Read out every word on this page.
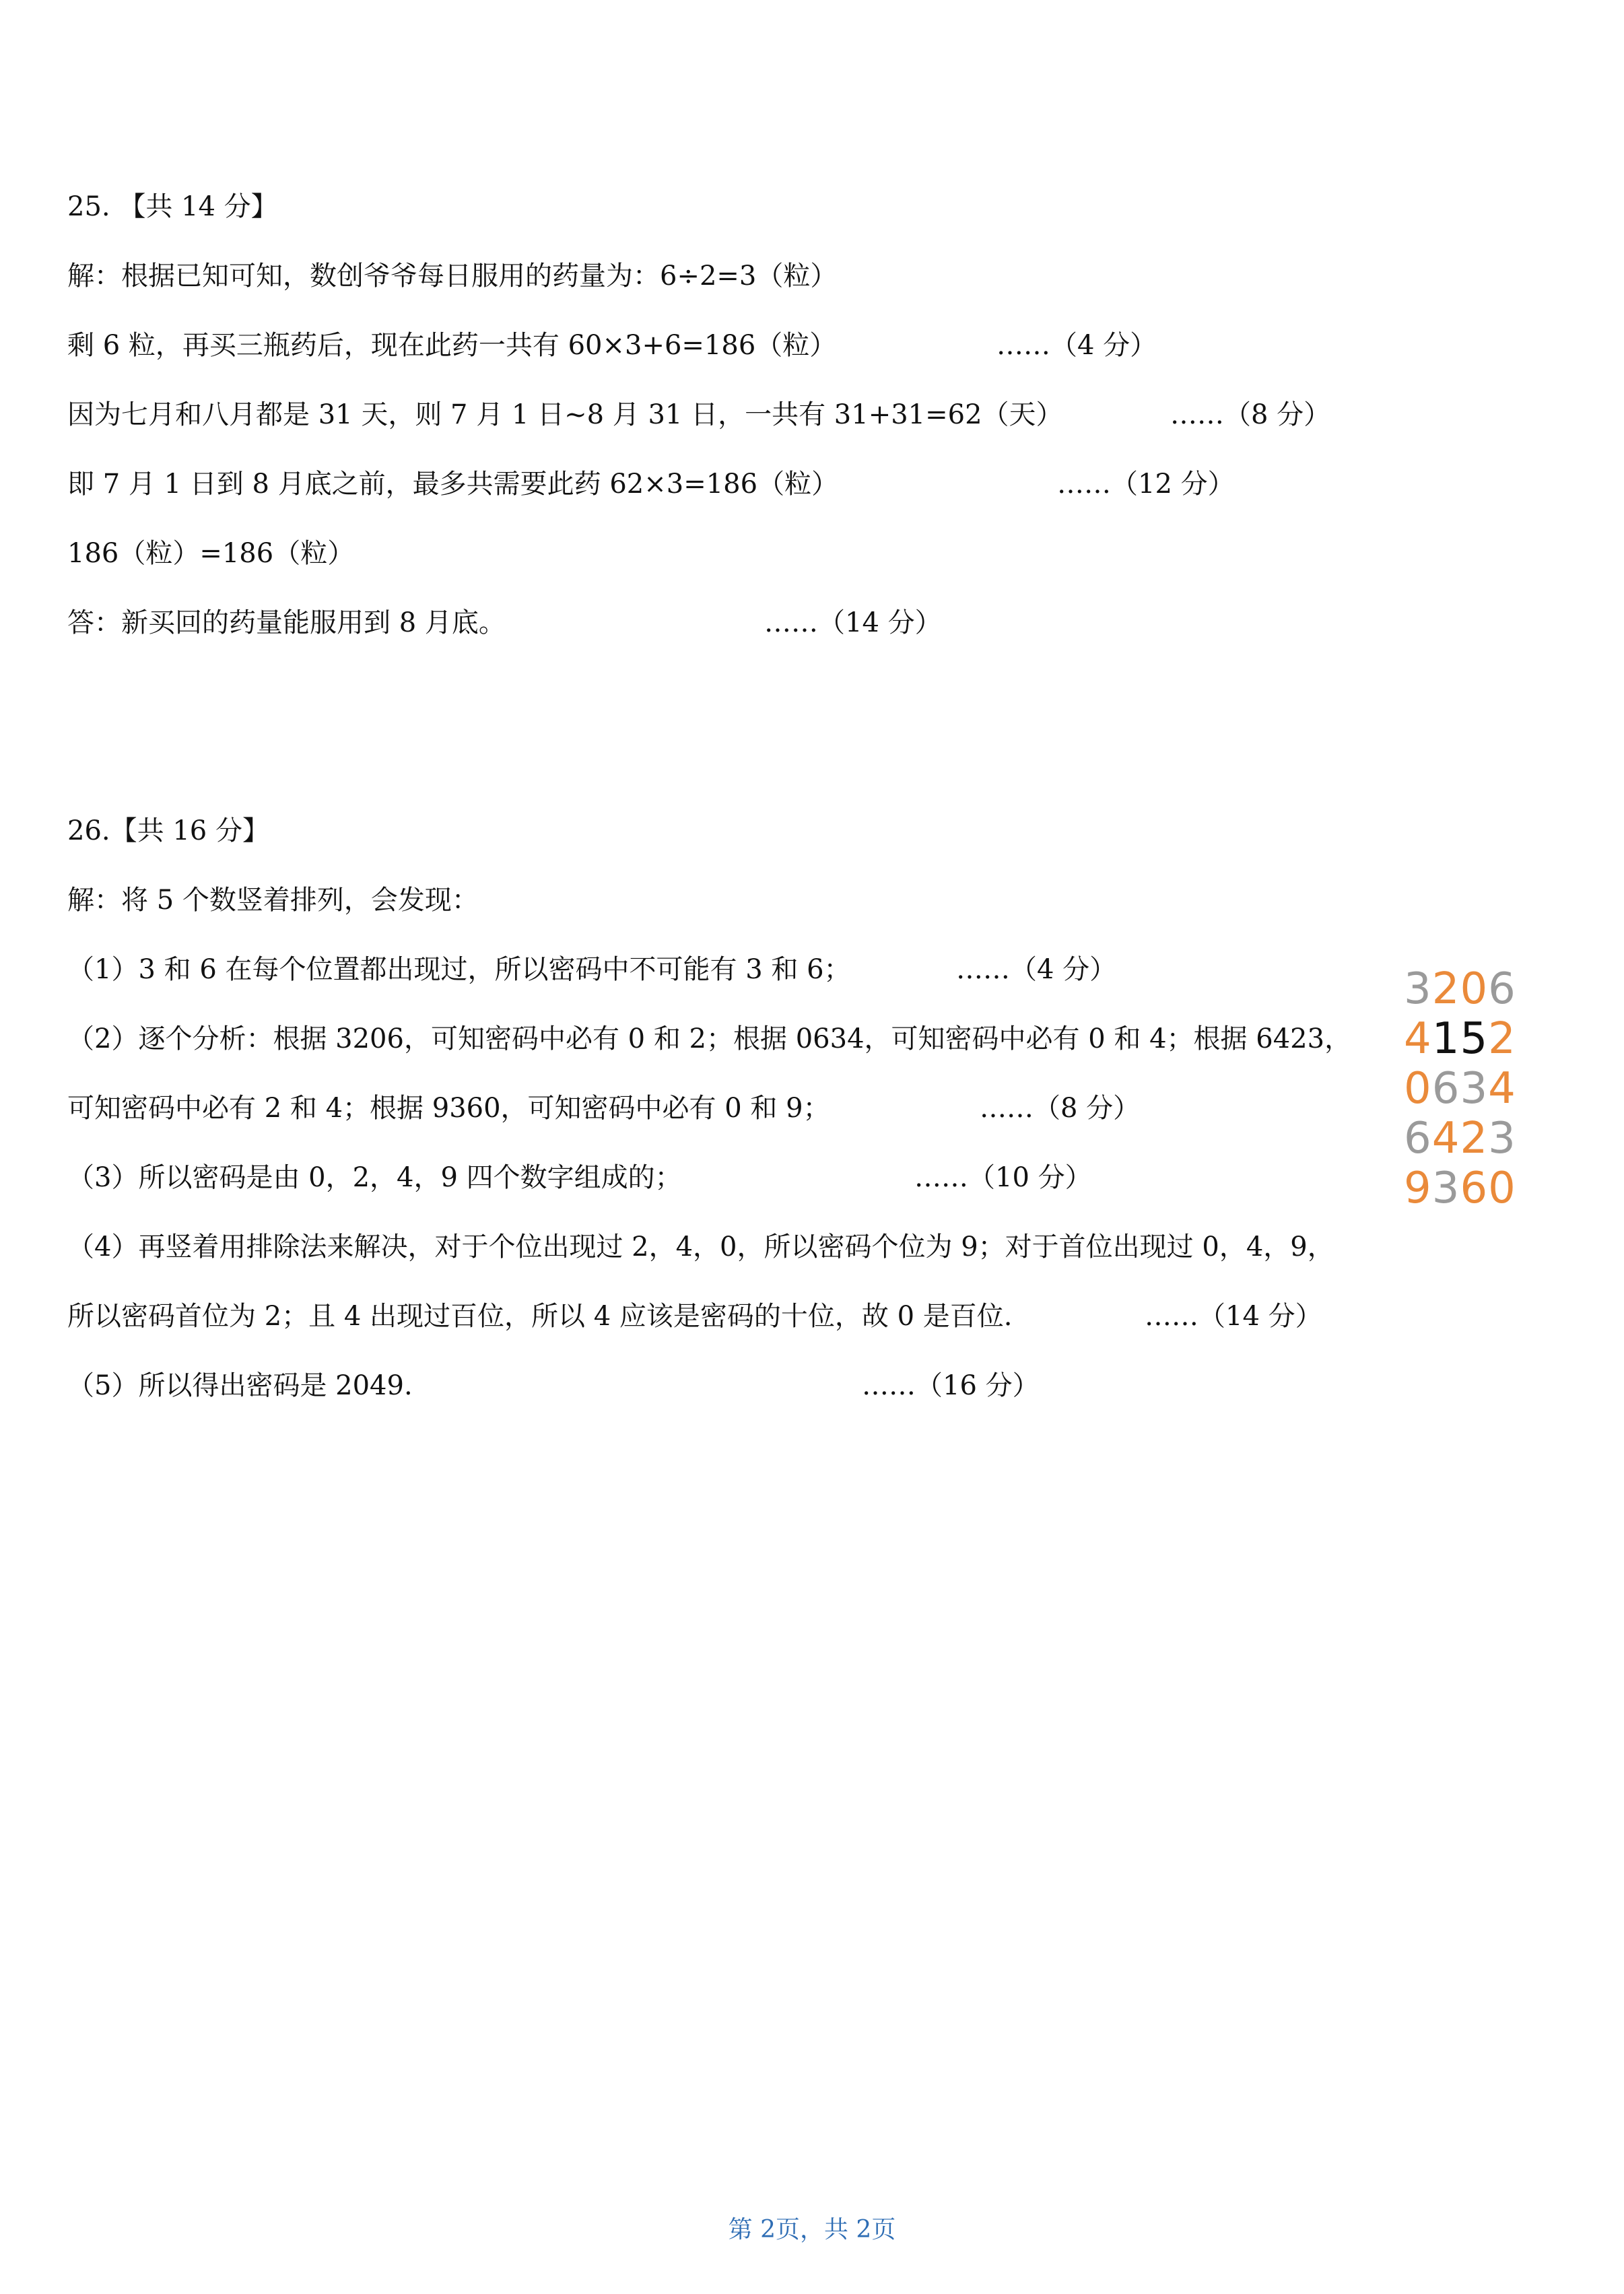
25. 【共 14 分】
解：根据已知可知，数创爷爷每日服用的药量为：6÷2=3（粒）
剩 6 粒，再买三瓶药后，现在此药一共有 60×3+6=186（粒）	……（4 分）
因为七月和八月都是 31 天，则 7 月 1 日~8 月 31 日，一共有 31+31=62（天）	……（8 分）
即 7 月 1 日到 8 月底之前，最多共需要此药 62×3=186（粒）	……（12 分）
186（粒）=186（粒）
答：新买回的药量能服用到 8 月底。	……（14 分）
26.【共 16 分】
解：将 5 个数竖着排列，会发现：
（1）3 和 6 在每个位置都出现过，所以密码中不可能有 3 和 6；	……（4 分）
（2）逐个分析：根据 3206，可知密码中必有 0 和 2；根据 0634，可知密码中必有 0 和 4；根据 6423，
可知密码中必有 2 和 4；根据 9360，可知密码中必有 0 和 9；	……（8 分）
（3）所以密码是由 0，2，4，9 四个数字组成的；	……（10 分）
（4）再竖着用排除法来解决，对于个位出现过 2，4，0，所以密码个位为 9；对于首位出现过 0，4，9，
所以密码首位为 2；且 4 出现过百位，所以 4 应该是密码的十位，故 0 是百位.	……（14 分）
（5）所以得出密码是 2049.	……（16 分）
3206
4152
0634
6423
9360
第 2页，共 2页
